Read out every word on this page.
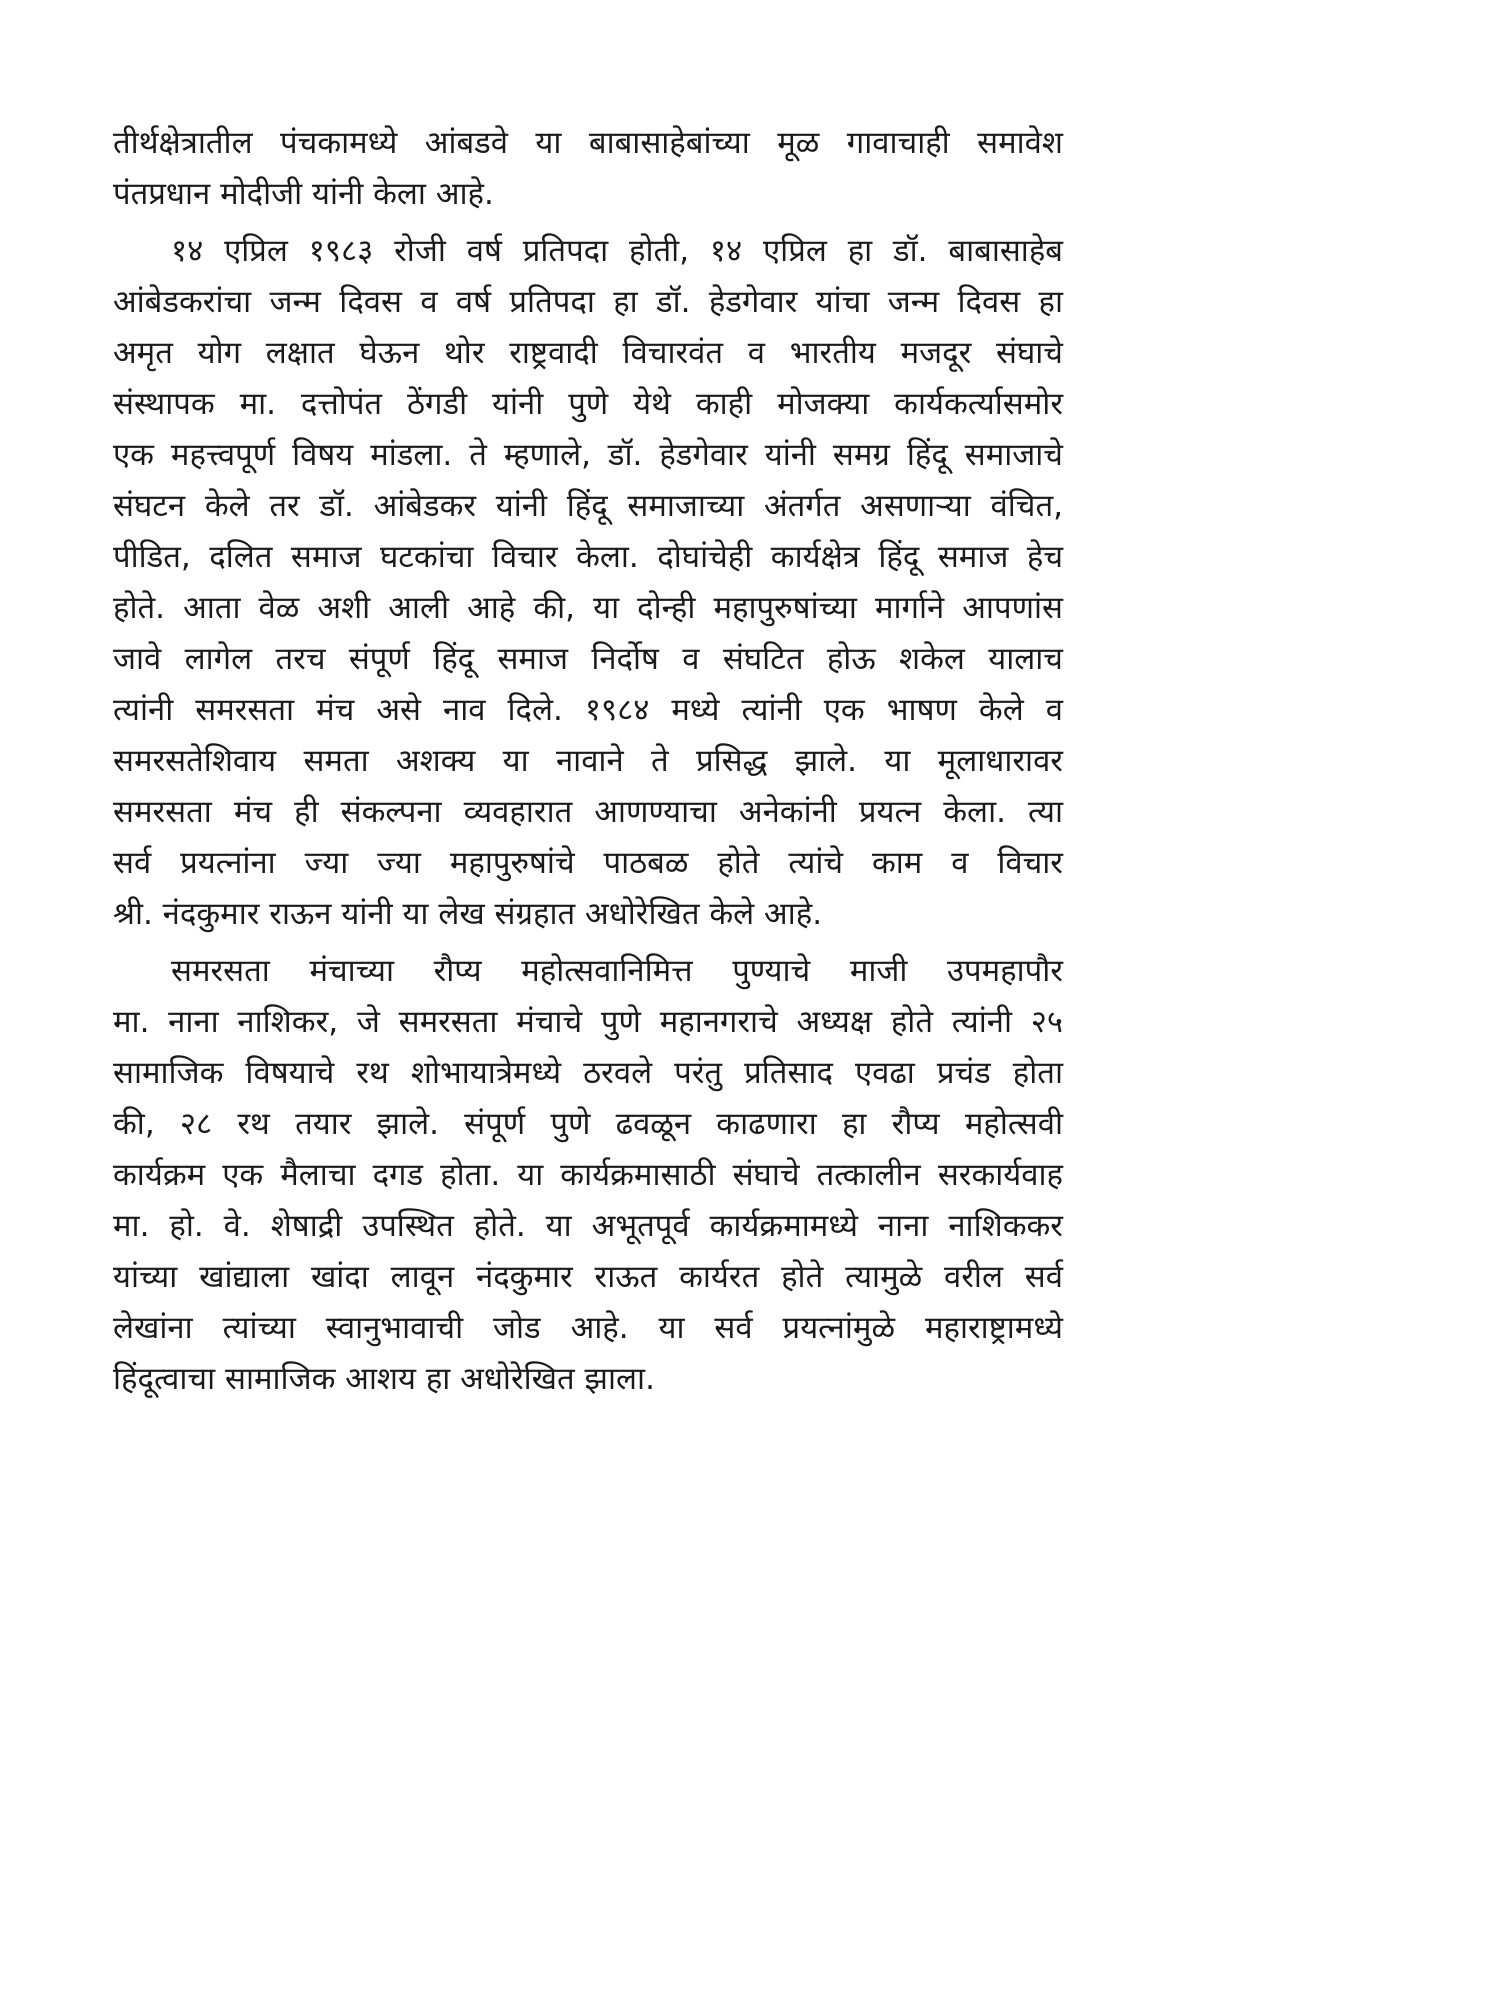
तीर्थक्षेत्रातील पंचकामध्ये आंबडवे या बाबासाहेबांच्या मूळ गावाचाही समावेश
पंतप्रधान मोदीजी यांनी केला आहे.
१४ एप्रिल १९८३ रोजी वर्ष प्रतिपदा होती, १४ एप्रिल हा डॉ. बाबासाहेब
आंबेडकरांचा जन्म दिवस व वर्ष प्रतिपदा हा डॉ. हेडगेवार यांचा जन्म दिवस हा
अमृत योग लक्षात घेऊन थोर राष्ट्रवादी विचारवंत व भारतीय मजदूर संघाचे
संस्थापक मा. दत्तोपंत ठेंगडी यांनी पुणे येथे काही मोजक्या कार्यकर्त्यासमोर
एक महत्त्वपूर्ण विषय मांडला. ते म्हणाले, डॉ. हेडगेवार यांनी समग्र हिंदू समाजाचे
संघटन केले तर डॉ. आंबेडकर यांनी हिंदू समाजाच्या अंतर्गत असणाऱ्या वंचित,
पीडित, दलित समाज घटकांचा विचार केला. दोघांचेही कार्यक्षेत्र हिंदू समाज हेच
होते. आता वेळ अशी आली आहे की, या दोन्ही महापुरुषांच्या मार्गाने आपणांस
जावे लागेल तरच संपूर्ण हिंदू समाज निर्दोष व संघटित होऊ शकेल यालाच
त्यांनी समरसता मंच असे नाव दिले. १९८४ मध्ये त्यांनी एक भाषण केले व
समरसतेशिवाय समता अशक्य या नावाने ते प्रसिद्ध झाले. या मूलाधारावर
समरसता मंच ही संकल्पना व्यवहारात आणण्याचा अनेकांनी प्रयत्न केला. त्या
सर्व प्रयत्नांना ज्या ज्या महापुरुषांचे पाठबळ होते त्यांचे काम व विचार
श्री. नंदकुमार राऊन यांनी या लेख संग्रहात अधोरेखित केले आहे.
समरसता मंचाच्या रौप्य महोत्सवानिमित्त पुण्याचे माजी उपमहापौर
मा. नाना नाशिकर, जे समरसता मंचाचे पुणे महानगराचे अध्यक्ष होते त्यांनी २५
सामाजिक विषयाचे रथ शोभायात्रेमध्ये ठरवले परंतु प्रतिसाद एवढा प्रचंड होता
की, २८ रथ तयार झाले. संपूर्ण पुणे ढवळून काढणारा हा रौप्य महोत्सवी
कार्यक्रम एक मैलाचा दगड होता. या कार्यक्रमासाठी संघाचे तत्कालीन सरकार्यवाह
मा. हो. वे. शेषाद्री उपस्थित होते. या अभूतपूर्व कार्यक्रमामध्ये नाना नाशिककर
यांच्या खांद्याला खांदा लावून नंदकुमार राऊत कार्यरत होते त्यामुळे वरील सर्व
लेखांना त्यांच्या स्वानुभावाची जोड आहे. या सर्व प्रयत्नांमुळे महाराष्ट्रामध्ये
हिंदूत्वाचा सामाजिक आशय हा अधोरेखित झाला.
